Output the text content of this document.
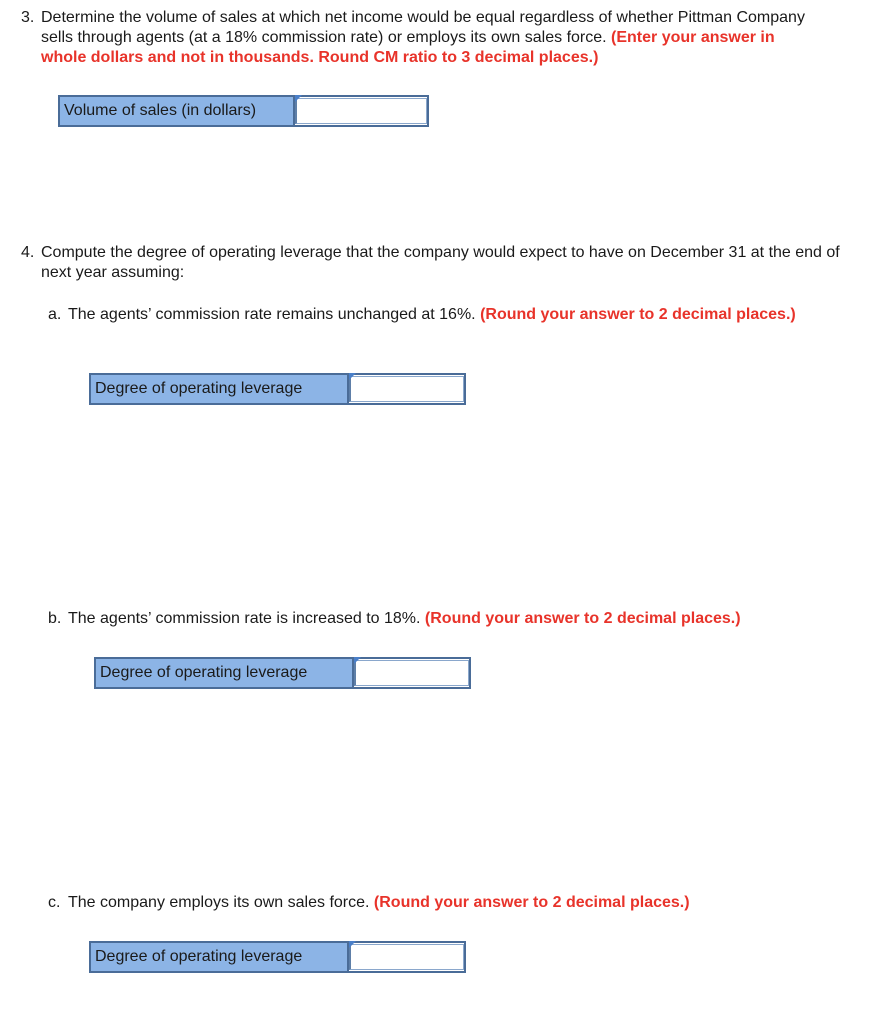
3. Determine the volume of sales at which net income would be equal regardless of whether Pittman Company sells through agents (at a 18% commission rate) or employs its own sales force. (Enter your answer in whole dollars and not in thousands. Round CM ratio to 3 decimal places.)
Volume of sales (in dollars)
4. Compute the degree of operating leverage that the company would expect to have on December 31 at the end of next year assuming:
a. The agents’ commission rate remains unchanged at 16%. (Round your answer to 2 decimal places.)
Degree of operating leverage
b. The agents’ commission rate is increased to 18%. (Round your answer to 2 decimal places.)
Degree of operating leverage
c. The company employs its own sales force. (Round your answer to 2 decimal places.)
Degree of operating leverage
